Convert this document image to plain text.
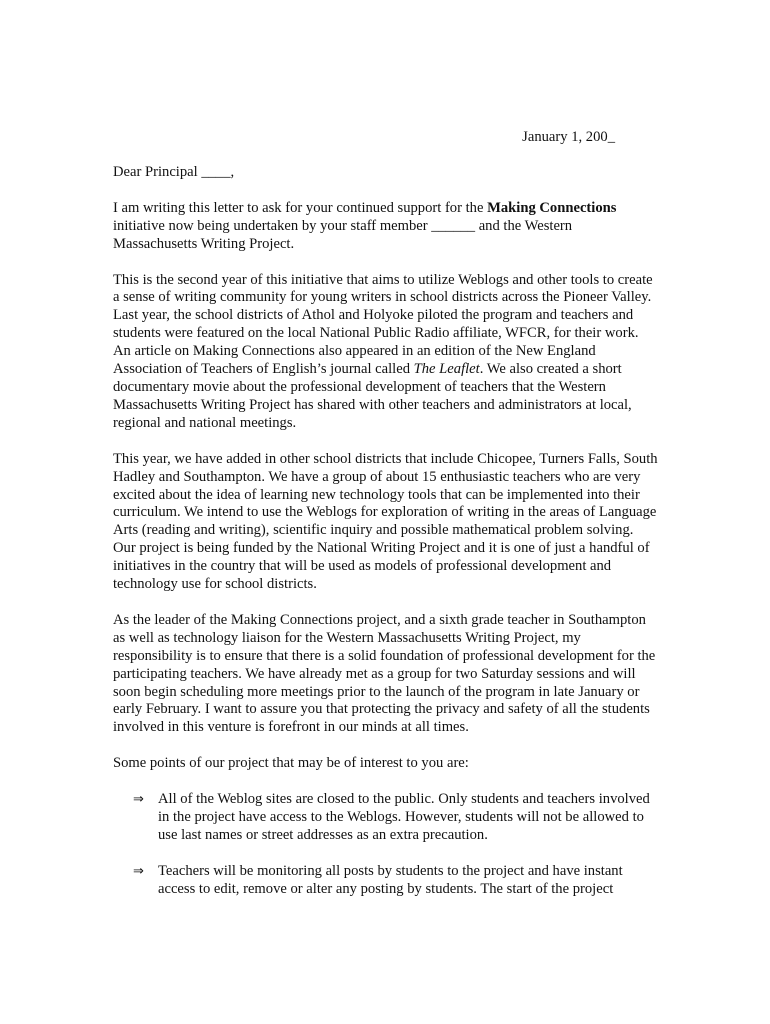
January 1, 200_

Dear Principal ____,

I am writing this letter to ask for your continued support for the Making Connections initiative now being undertaken by your staff member ______ and the Western Massachusetts Writing Project.

This is the second year of this initiative that aims to utilize Weblogs and other tools to create a sense of writing community for young writers in school districts across the Pioneer Valley. Last year, the school districts of Athol and Holyoke piloted the program and teachers and students were featured on the local National Public Radio affiliate, WFCR, for their work. An article on Making Connections also appeared in an edition of the New England Association of Teachers of English’s journal called The Leaflet. We also created a short documentary movie about the professional development of teachers that the Western Massachusetts Writing Project has shared with other teachers and administrators at local, regional and national meetings.

This year, we have added in other school districts that include Chicopee, Turners Falls, South Hadley and Southampton. We have a group of about 15 enthusiastic teachers who are very excited about the idea of learning new technology tools that can be implemented into their curriculum. We intend to use the Weblogs for exploration of writing in the areas of Language Arts (reading and writing), scientific inquiry and possible mathematical problem solving. Our project is being funded by the National Writing Project and it is one of just a handful of initiatives in the country that will be used as models of professional development and technology use for school districts.

As the leader of the Making Connections project, and a sixth grade teacher in Southampton as well as technology liaison for the Western Massachusetts Writing Project, my responsibility is to ensure that there is a solid foundation of professional development for the participating teachers. We have already met as a group for two Saturday sessions and will soon begin scheduling more meetings prior to the launch of the program in late January or early February. I want to assure you that protecting the privacy and safety of all the students involved in this venture is forefront in our minds at all times.

Some points of our project that may be of interest to you are:

⇒ All of the Weblog sites are closed to the public. Only students and teachers involved in the project have access to the Weblogs. However, students will not be allowed to use last names or street addresses as an extra precaution.
⇒ Teachers will be monitoring all posts by students to the project and have instant access to edit, remove or alter any posting by students. The start of the project
